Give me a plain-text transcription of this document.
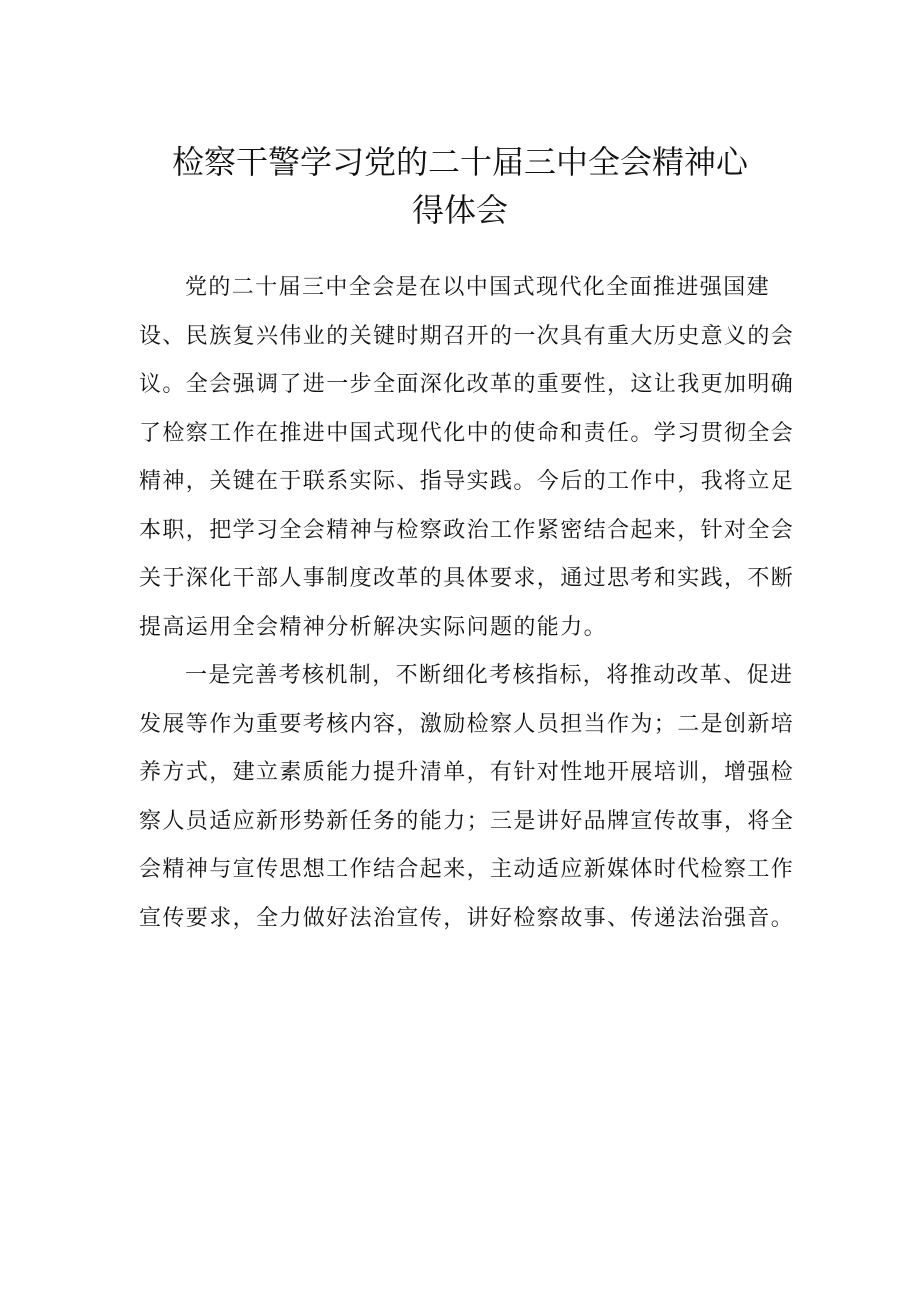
检察干警学习党的二十届三中全会精神心
得体会

党的二十届三中全会是在以中国式现代化全面推进强国建
设、民族复兴伟业的关键时期召开的一次具有重大历史意义的会
议。全会强调了进一步全面深化改革的重要性，这让我更加明确
了检察工作在推进中国式现代化中的使命和责任。学习贯彻全会
精神，关键在于联系实际、指导实践。今后的工作中，我将立足
本职，把学习全会精神与检察政治工作紧密结合起来，针对全会
关于深化干部人事制度改革的具体要求，通过思考和实践，不断
提高运用全会精神分析解决实际问题的能力。

一是完善考核机制，不断细化考核指标，将推动改革、促进
发展等作为重要考核内容，激励检察人员担当作为；二是创新培
养方式，建立素质能力提升清单，有针对性地开展培训，增强检
察人员适应新形势新任务的能力；三是讲好品牌宣传故事，将全
会精神与宣传思想工作结合起来，主动适应新媒体时代检察工作
宣传要求，全力做好法治宣传，讲好检察故事、传递法治强音。
